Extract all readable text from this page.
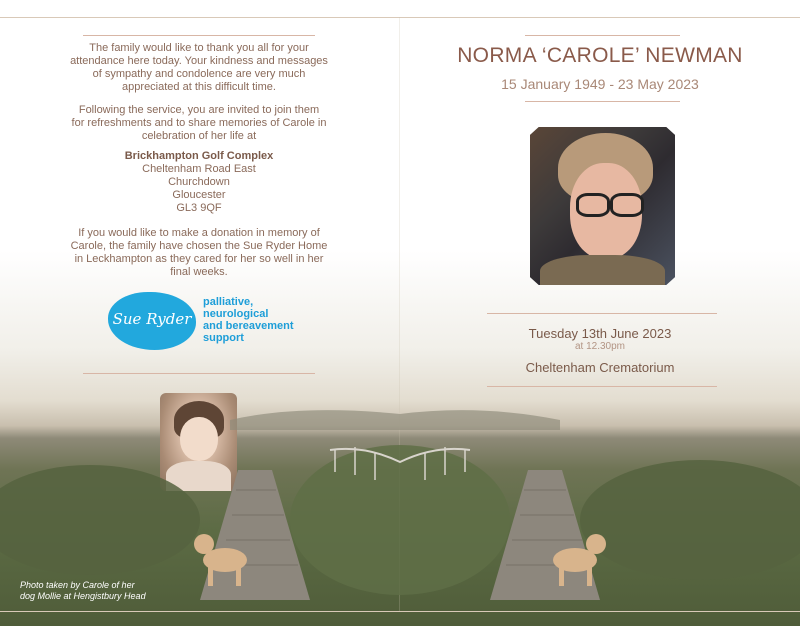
The family would like to thank you all for your
attendance here today. Your kindness and messages
of sympathy and condolence are very much
appreciated at this difficult time.
Following the service, you are invited to join them
for refreshments and to share memories of Carole in
celebration of her life at
Brickhampton Golf Complex
Cheltenham Road East
Churchdown
Gloucester
GL3 9QF
If you would like to make a donation in memory of
Carole, the family have chosen the Sue Ryder Home
in Leckhampton as they cared for her so well in her
final weeks.
Sue Ryder
palliative,
neurological
and bereavement
support
Photo taken by Carole of her
dog Mollie at Hengistbury Head
NORMA ‘CAROLE’ NEWMAN
15 January 1949 - 23 May 2023
Tuesday 13th June 2023
at 12.30pm
Cheltenham Crematorium
